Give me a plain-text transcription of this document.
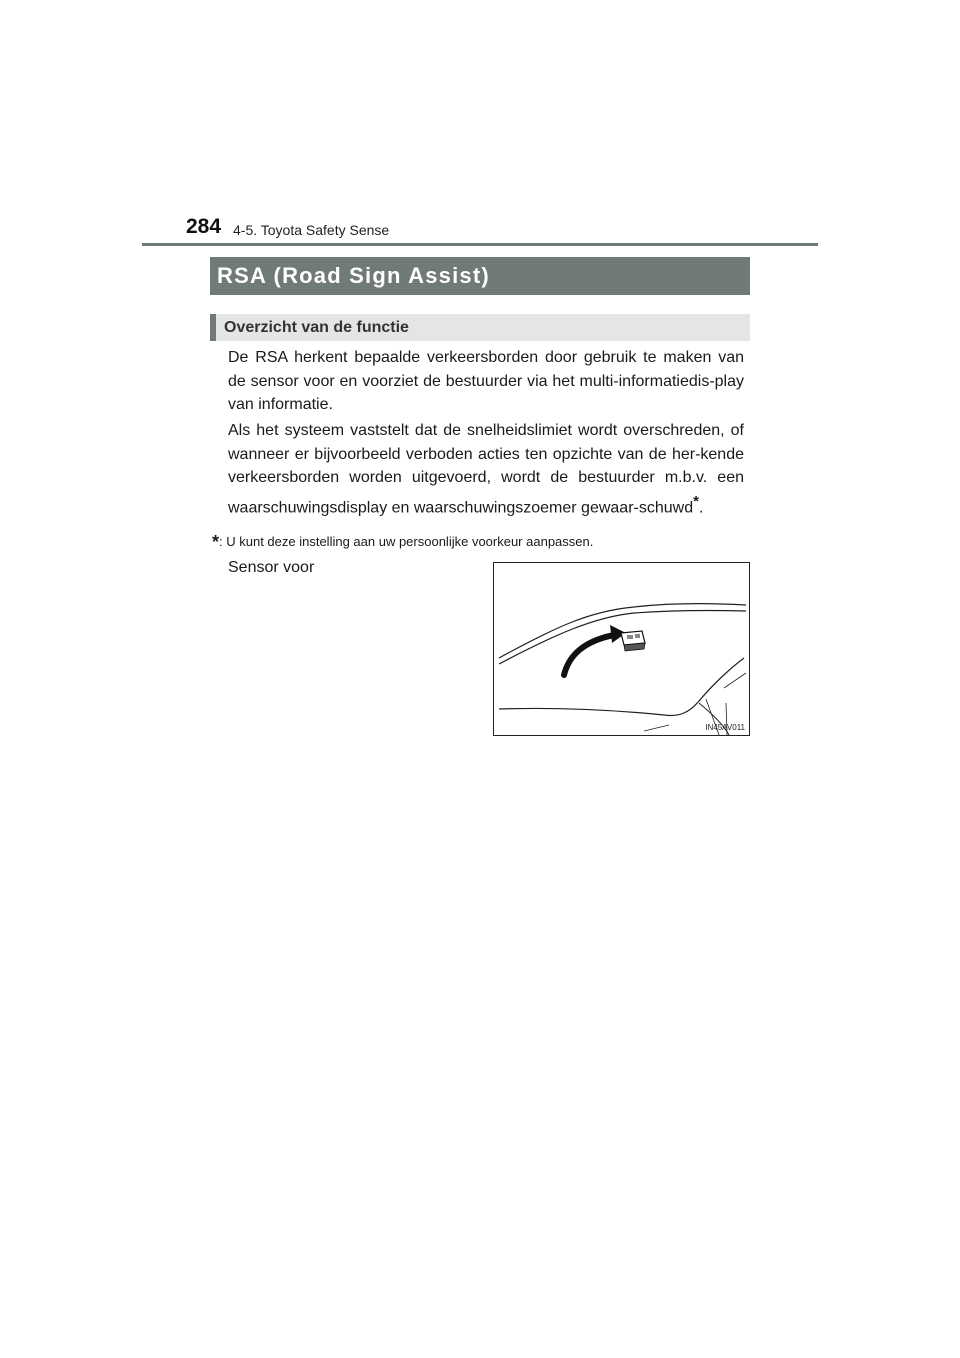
284 4-5. Toyota Safety Sense
RSA (Road Sign Assist)
Overzicht van de functie

De RSA herkent bepaalde verkeersborden door gebruik te maken van de sensor voor en voorziet de bestuurder via het multi-informatiedis-play van informatie.

Als het systeem vaststelt dat de snelheidslimiet wordt overschreden, of wanneer er bijvoorbeeld verboden acties ten opzichte van de her-kende verkeersborden worden uitgevoerd, wordt de bestuurder m.b.v. een waarschuwingsdisplay en waarschuwingszoemer gewaar-schuwd*.

*: U kunt deze instelling aan uw persoonlijke voorkeur aanpassen.
Sensor voor
IN45AV011
